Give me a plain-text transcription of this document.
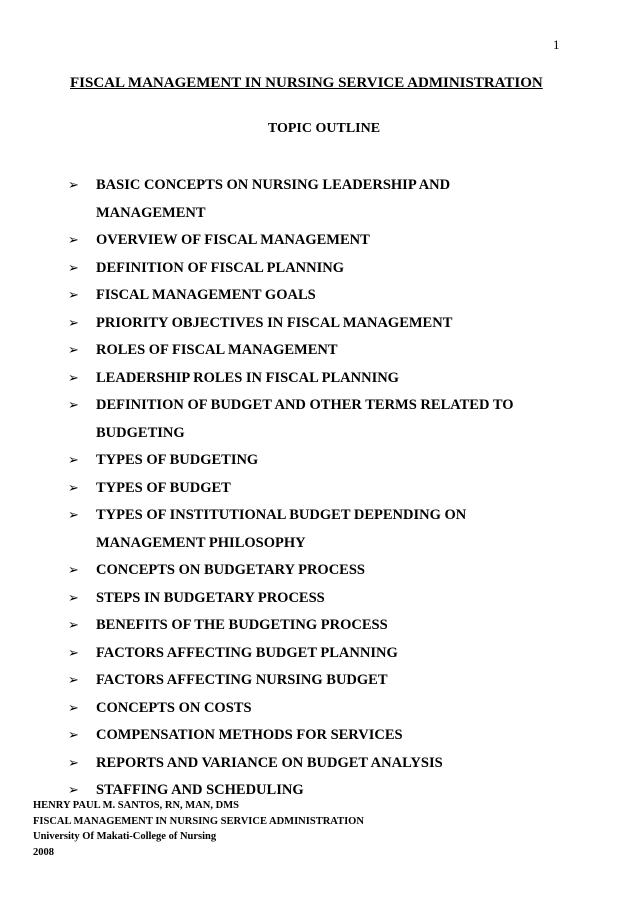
1
FISCAL MANAGEMENT IN NURSING SERVICE ADMINISTRATION
TOPIC OUTLINE
➢	BASIC CONCEPTS ON NURSING LEADERSHIP AND
MANAGEMENT
➢	OVERVIEW OF FISCAL MANAGEMENT
➢	DEFINITION OF FISCAL PLANNING
➢	FISCAL MANAGEMENT GOALS
➢	PRIORITY OBJECTIVES IN FISCAL MANAGEMENT
➢	ROLES OF FISCAL MANAGEMENT
➢	LEADERSHIP ROLES IN FISCAL PLANNING
➢	DEFINITION OF BUDGET AND OTHER TERMS RELATED TO
BUDGETING
➢	TYPES OF BUDGETING
➢	TYPES OF BUDGET
➢	TYPES OF INSTITUTIONAL BUDGET DEPENDING ON
MANAGEMENT PHILOSOPHY
➢	CONCEPTS ON BUDGETARY PROCESS
➢	STEPS IN BUDGETARY PROCESS
➢	BENEFITS OF THE BUDGETING PROCESS
➢	FACTORS AFFECTING BUDGET PLANNING
➢	FACTORS AFFECTING NURSING BUDGET
➢	CONCEPTS ON COSTS
➢	COMPENSATION METHODS FOR SERVICES
➢	REPORTS AND VARIANCE ON BUDGET ANALYSIS
➢	STAFFING AND SCHEDULING
HENRY PAUL M. SANTOS, RN, MAN, DMS
FISCAL MANAGEMENT IN NURSING SERVICE ADMINISTRATION
University Of Makati-College of Nursing
2008
